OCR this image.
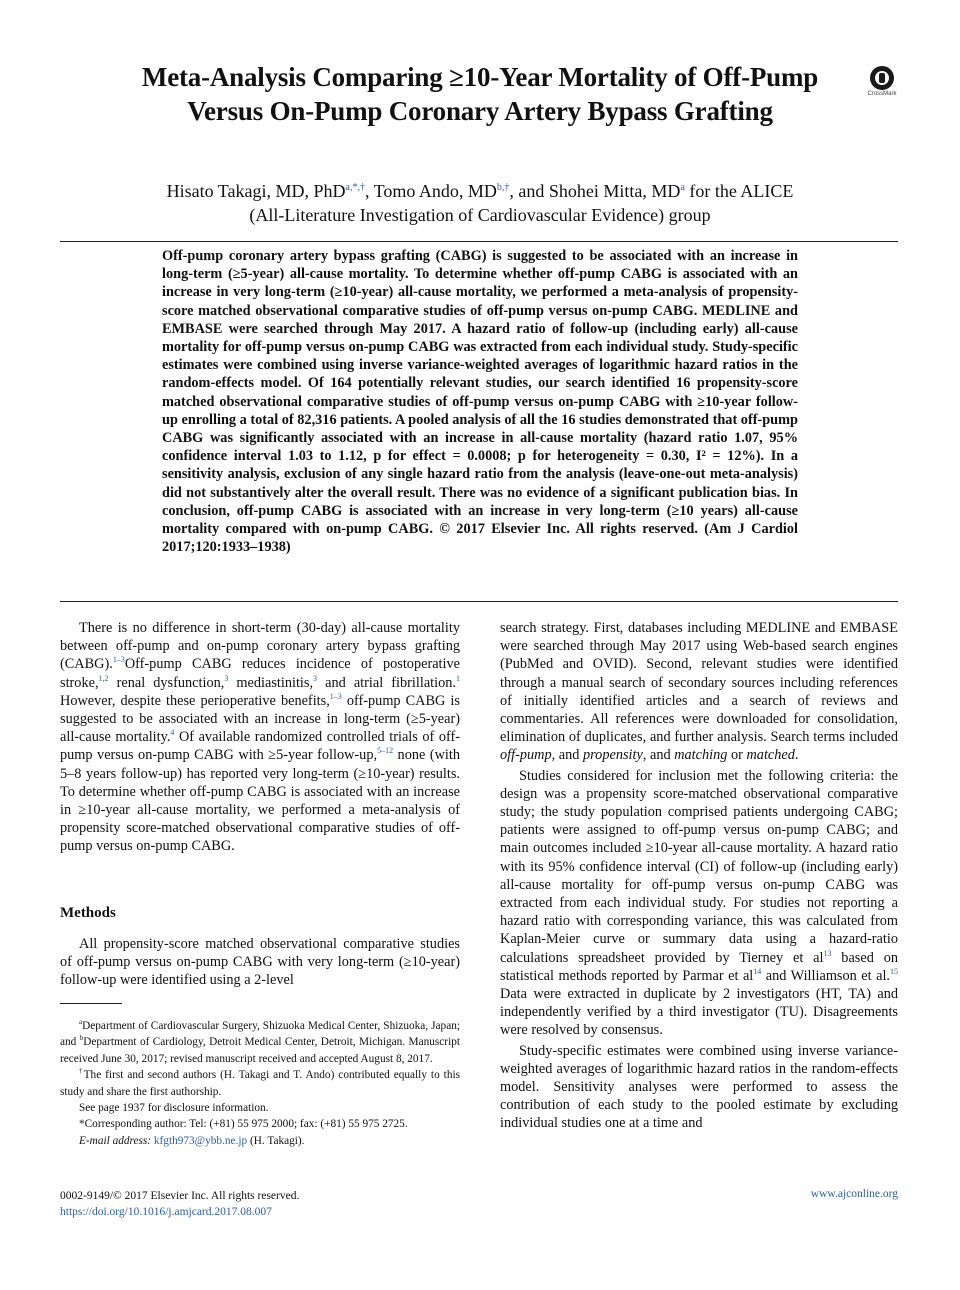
Meta-Analysis Comparing ≥10-Year Mortality of Off-Pump Versus On-Pump Coronary Artery Bypass Grafting
CrossMark
Hisato Takagi, MD, PhD$^{a,*,\dagger}$, Tomo Ando, $MD^{b,\dagger}$, and Shohei Mitta, $MD^a$ for the ALICE
(All-Literature Investigation of Cardiovascular Evidence) group
Off-pump coronary artery bypass grafting (CABG) is suggested to be associated with an increase in long-term (≥5-year) all-cause mortality. To determine whether off-pump CABG is associated with an increase in very long-term (≥10-year) all-cause mortality, we performed a meta-analysis of propensity-score matched observational comparative studies of off-pump versus on-pump CABG. MEDLINE and EMBASE were searched through May 2017. A hazard ratio of follow-up (including early) all-cause mortality for off-pump versus on-pump CABG was extracted from each individual study. Study-specific estimates were combined using inverse variance-weighted averages of logarithmic hazard ratios in the random-effects model. Of 164 potentially relevant studies, our search identified 16 propensity-score matched observational comparative studies of off-pump versus on-pump CABG with ≥10-year follow-up enrolling a total of 82,316 patients. A pooled analysis of all the 16 studies demonstrated that off-pump CABG was significantly associated with an increase in all-cause mortality (hazard ratio 1.07, 95% confidence interval 1.03 to 1.12, p for effect = 0.0008; p for heterogeneity = 0.30, I² = 12%). In a sensitivity analysis, exclusion of any single hazard ratio from the analysis (leave-one-out meta-analysis) did not substantively alter the overall result. There was no evidence of a significant publication bias. In conclusion, off-pump CABG is associated with an increase in very long-term (≥10 years) all-cause mortality compared with on-pump CABG. © 2017 Elsevier Inc. All rights reserved. (Am J Cardiol 2017;120:1933–1938)

There is no difference in short-term (30-day) all-cause mortality between off-pump and on-pump coronary artery bypass grafting (CABG).$^{1-3}$Off-pump CABG reduces incidence of postoperative stroke,$^{1,2}$ renal dysfunction,$^3$ mediastinitis,$^3$ and atrial fibrillation.$^1$ However, despite these perioperative benefits,$^{1-3}$ off-pump CABG is suggested to be associated with an increase in long-term (≥5-year) all-cause mortality.$^4$ Of available randomized controlled trials of off-pump versus on-pump CABG with ≥5-year follow-up,$^{5-12}$ none (with 5–8 years follow-up) has reported very long-term (≥10-year) results. To determine whether off-pump CABG is associated with an increase in ≥10-year all-cause mortality, we performed a meta-analysis of propensity score-matched observational comparative studies of off-pump versus on-pump CABG.

Methods

All propensity-score matched observational comparative studies of off-pump versus on-pump CABG with very long-term (≥10-year) follow-up were identified using a 2-level

$^a$Department of Cardiovascular Surgery, Shizuoka Medical Center, Shizuoka, Japan; and $^b$Department of Cardiology, Detroit Medical Center, Detroit, Michigan. Manuscript received June 30, 2017; revised manuscript received and accepted August 8, 2017.

†The first and second authors (H. Takagi and T. Ando) contributed equally to this study and share the first authorship.

See page 1937 for disclosure information.

*Corresponding author: Tel: (+81) 55 975 2000; fax: (+81) 55 975 2725.

E-mail address: kfgth973@ybb.ne.jp (H. Takagi).

search strategy. First, databases including MEDLINE and EMBASE were searched through May 2017 using Web-based search engines (PubMed and OVID). Second, relevant studies were identified through a manual search of secondary sources including references of initially identified articles and a search of reviews and commentaries. All references were downloaded for consolidation, elimination of duplicates, and further analysis. Search terms included off-pump, and propensity, and matching or matched.

Studies considered for inclusion met the following criteria: the design was a propensity score-matched observational comparative study; the study population comprised patients undergoing CABG; patients were assigned to off-pump versus on-pump CABG; and main outcomes included ≥10-year all-cause mortality. A hazard ratio with its 95% confidence interval (CI) of follow-up (including early) all-cause mortality for off-pump versus on-pump CABG was extracted from each individual study. For studies not reporting a hazard ratio with corresponding variance, this was calculated from Kaplan-Meier curve or summary data using a hazard-ratio calculations spreadsheet provided by Tierney et $al^{13}$ based on statistical methods reported by Parmar et $al^{14}$ and Williamson et al.$^{15}$ Data were extracted in duplicate by 2 investigators (HT, TA) and independently verified by a third investigator (TU). Disagreements were resolved by consensus.

Study-specific estimates were combined using inverse variance-weighted averages of logarithmic hazard ratios in the random-effects model. Sensitivity analyses were performed to assess the contribution of each study to the pooled estimate by excluding individual studies one at a time and

0002-9149/© 2017 Elsevier Inc. All rights reserved.
https://doi.org/10.1016/j.amjcard.2017.08.007
www.ajconline.org
